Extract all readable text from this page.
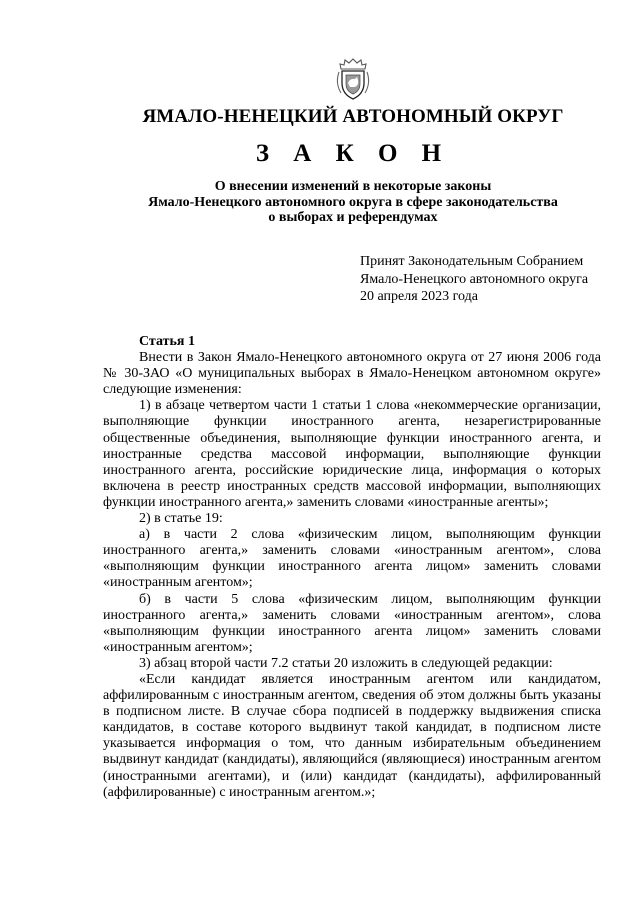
ЯМАЛО-НЕНЕЦКИЙ АВТОНОМНЫЙ ОКРУГ
З А К О Н
О внесении изменений в некоторые законы
Ямало-Ненецкого автономного округа в сфере законодательства
о выборах и референдумах
Принят Законодательным Собранием
Ямало-Ненецкого автономного округа
20 апреля 2023 года
Статья 1

Внести в Закон Ямало-Ненецкого автономного округа от 27 июня 2006 года № 30-ЗАО «О муниципальных выборах в Ямало-Ненецком автономном округе» следующие изменения:

1) в абзаце четвертом части 1 статьи 1 слова «некоммерческие организации, выполняющие функции иностранного агента, незарегистрированные общественные объединения, выполняющие функции иностранного агента, и иностранные средства массовой информации, выполняющие функции иностранного агента, российские юридические лица, информация о которых включена в реестр иностранных средств массовой информации, выполняющих функции иностранного агента,» заменить словами «иностранные агенты»;

2) в статье 19:

а) в части 2 слова «физическим лицом, выполняющим функции иностранного агента,» заменить словами «иностранным агентом», слова «выполняющим функции иностранного агента лицом» заменить словами «иностранным агентом»;

б) в части 5 слова «физическим лицом, выполняющим функции иностранного агента,» заменить словами «иностранным агентом», слова «выполняющим функции иностранного агента лицом» заменить словами «иностранным агентом»;

3) абзац второй части 7.2 статьи 20 изложить в следующей редакции:

«Если кандидат является иностранным агентом или кандидатом, аффилированным с иностранным агентом, сведения об этом должны быть указаны в подписном листе. В случае сбора подписей в поддержку выдвижения списка кандидатов, в составе которого выдвинут такой кандидат, в подписном листе указывается информация о том, что данным избирательным объединением выдвинут кандидат (кандидаты), являющийся (являющиеся) иностранным агентом (иностранными агентами), и (или) кандидат (кандидаты), аффилированный (аффилированные) с иностранным агентом.»;
